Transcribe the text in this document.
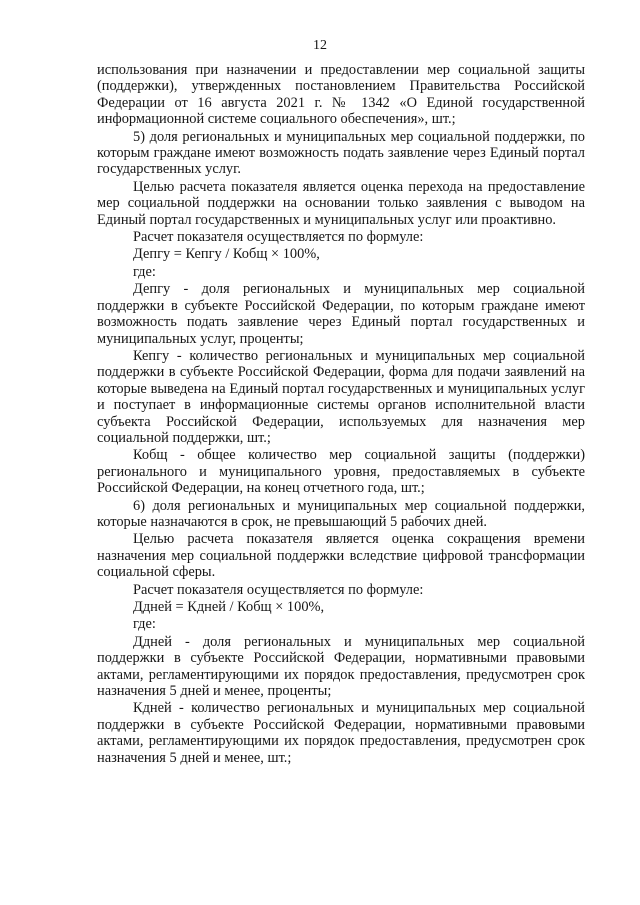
12

использования при назначении и предоставлении мер социальной защиты (поддержки), утвержденных постановлением Правительства Российской Федерации от 16 августа 2021 г. № 1342 «О Единой государственной информационной системе социального обеспечения», шт.;

5) доля региональных и муниципальных мер социальной поддержки, по которым граждане имеют возможность подать заявление через Единый портал государственных услуг.

Целью расчета показателя является оценка перехода на предоставление мер социальной поддержки на основании только заявления с выводом на Единый портал государственных и муниципальных услуг или проактивно.

Расчет показателя осуществляется по формуле:

Депгу = Кепгу / Кобщ × 100%,

где:

Депгу - доля региональных и муниципальных мер социальной поддержки в субъекте Российской Федерации, по которым граждане имеют возможность подать заявление через Единый портал государственных и муниципальных услуг, проценты;

Кепгу - количество региональных и муниципальных мер социальной поддержки в субъекте Российской Федерации, форма для подачи заявлений на которые выведена на Единый портал государственных и муниципальных услуг и поступает в информационные системы органов исполнительной власти субъекта Российской Федерации, используемых для назначения мер социальной поддержки, шт.;

Кобщ - общее количество мер социальной защиты (поддержки) регионального и муниципального уровня, предоставляемых в субъекте Российской Федерации, на конец отчетного года, шт.;

6) доля региональных и муниципальных мер социальной поддержки, которые назначаются в срок, не превышающий 5 рабочих дней.

Целью расчета показателя является оценка сокращения времени назначения мер социальной поддержки вследствие цифровой трансформации социальной сферы.

Расчет показателя осуществляется по формуле:

Ддней = Кдней / Кобщ × 100%,

где:

Ддней - доля региональных и муниципальных мер социальной поддержки в субъекте Российской Федерации, нормативными правовыми актами, регламентирующими их порядок предоставления, предусмотрен срок назначения 5 дней и менее, проценты;

Кдней - количество региональных и муниципальных мер социальной поддержки в субъекте Российской Федерации, нормативными правовыми актами, регламентирующими их порядок предоставления, предусмотрен срок назначения 5 дней и менее, шт.;
